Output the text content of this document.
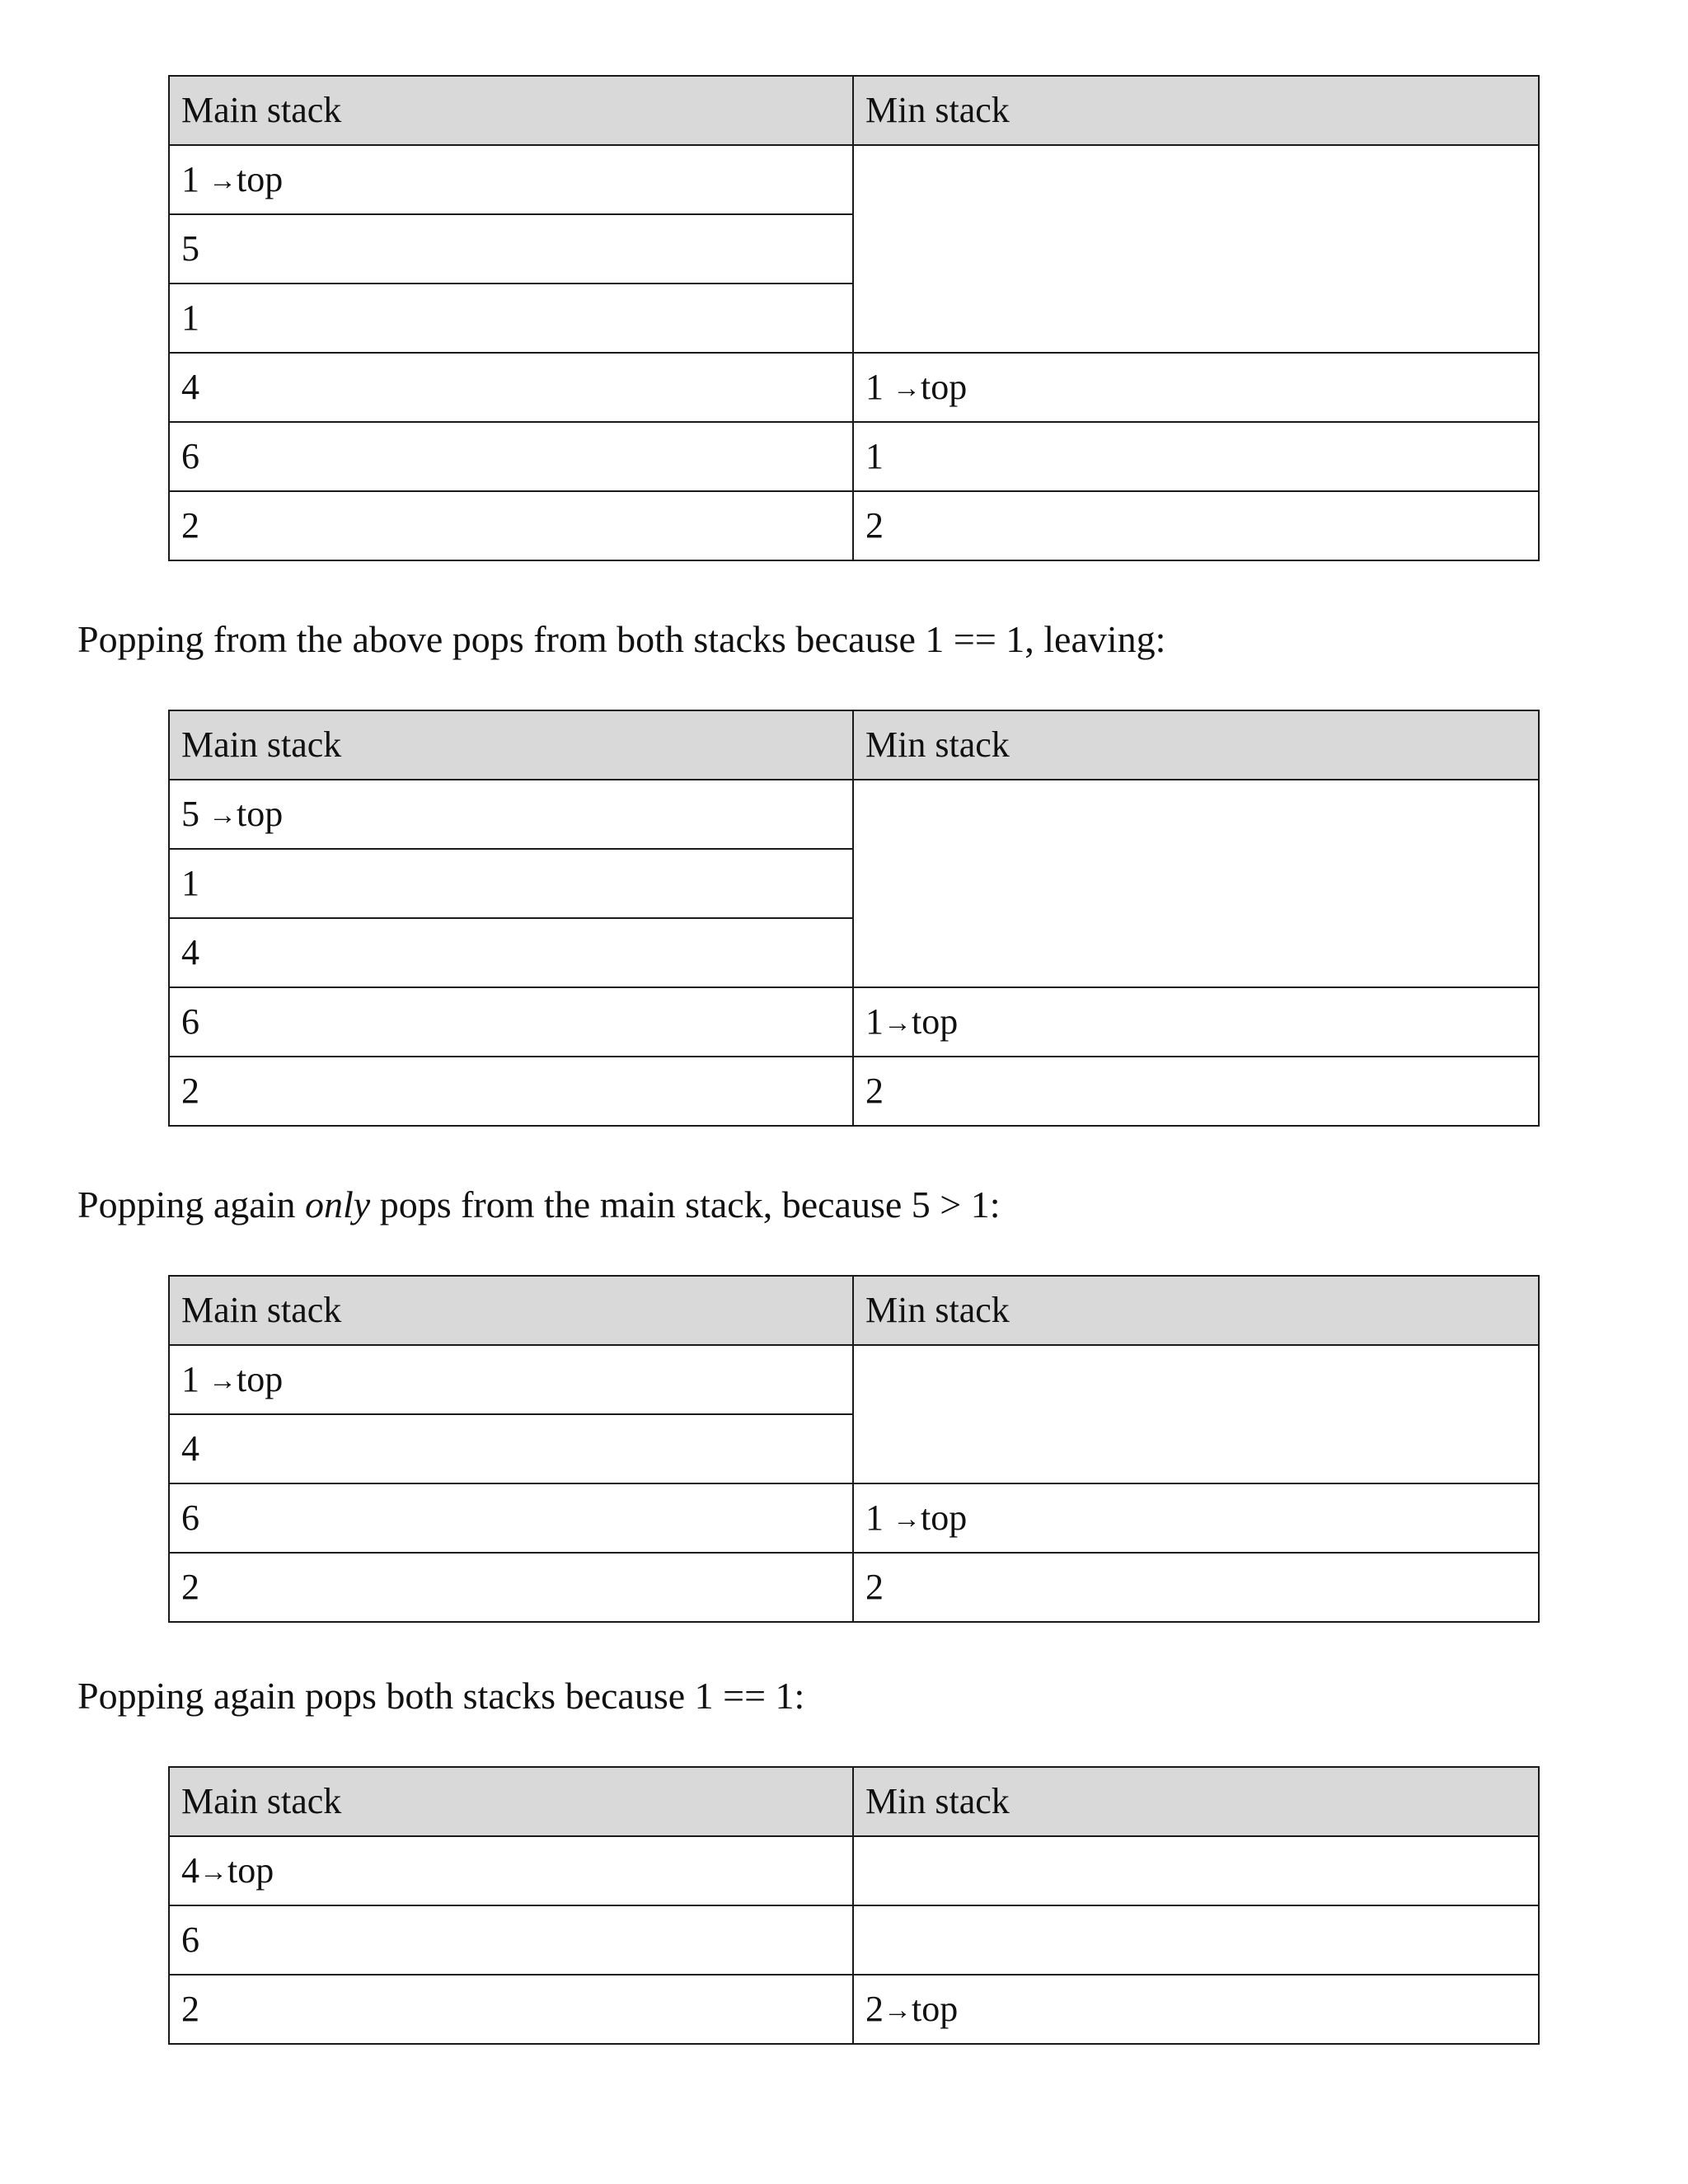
Main stack	Min stack
1 →top	
5	
1	
4	1 →top
6	1
2	2

Popping from the above pops from both stacks because 1 == 1, leaving:

Main stack	Min stack
5 →top	
1	
4	
6	1→top
2	2

Popping again only pops from the main stack, because 5 > 1:

Main stack	Min stack
1 →top	
4	
6	1 →top
2	2

Popping again pops both stacks because 1 == 1:

Main stack	Min stack
4→top	
6	
2	2→top
